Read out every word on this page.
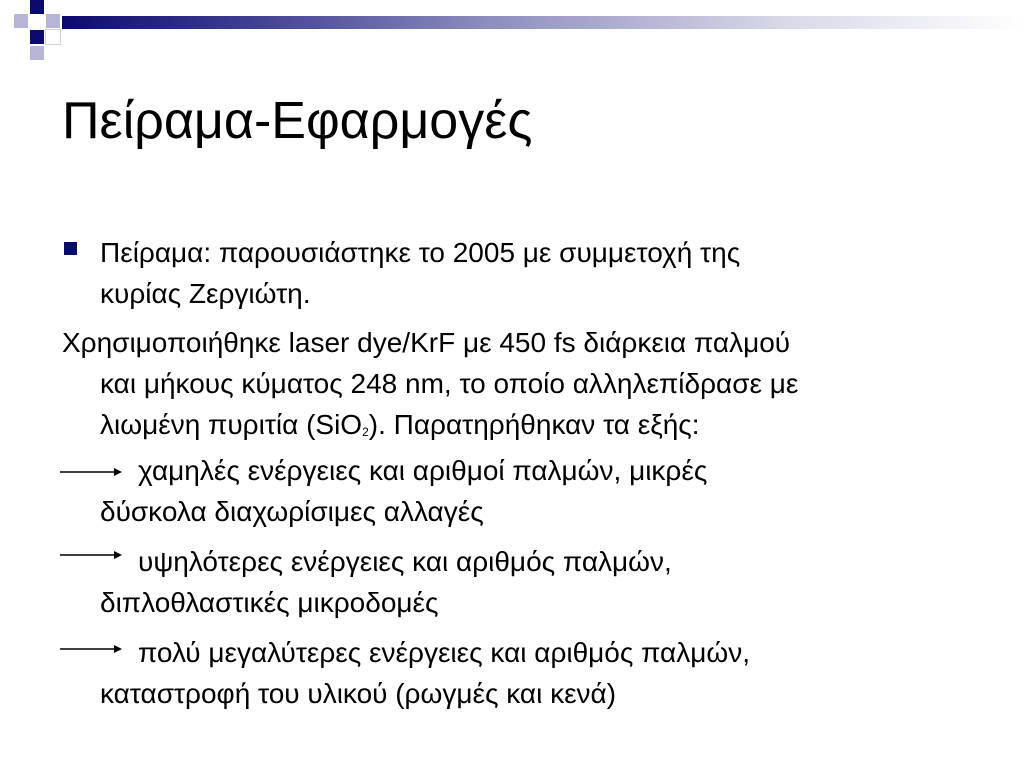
Πείραμα-Εφαρμογές
Πείραμα: παρουσιάστηκε το 2005 με συμμετοχή της
κυρίας Ζεργιώτη.
Χρησιμοποιήθηκε laser dye/KrF με 450 fs διάρκεια παλμού
και μήκους κύματος 248 nm, το οποίο αλληλεπίδρασε με
λιωμένη πυριτία (SiO$_2$). Παρατηρήθηκαν τα εξής:
χαμηλές ενέργειες και αριθμοί παλμών, μικρές
δύσκολα διαχωρίσιμες αλλαγές
υψηλότερες ενέργειες και αριθμός παλμών,
διπλοθλαστικές μικροδομές
πολύ μεγαλύτερες ενέργειες και αριθμός παλμών,
καταστροφή του υλικού (ρωγμές και κενά)
